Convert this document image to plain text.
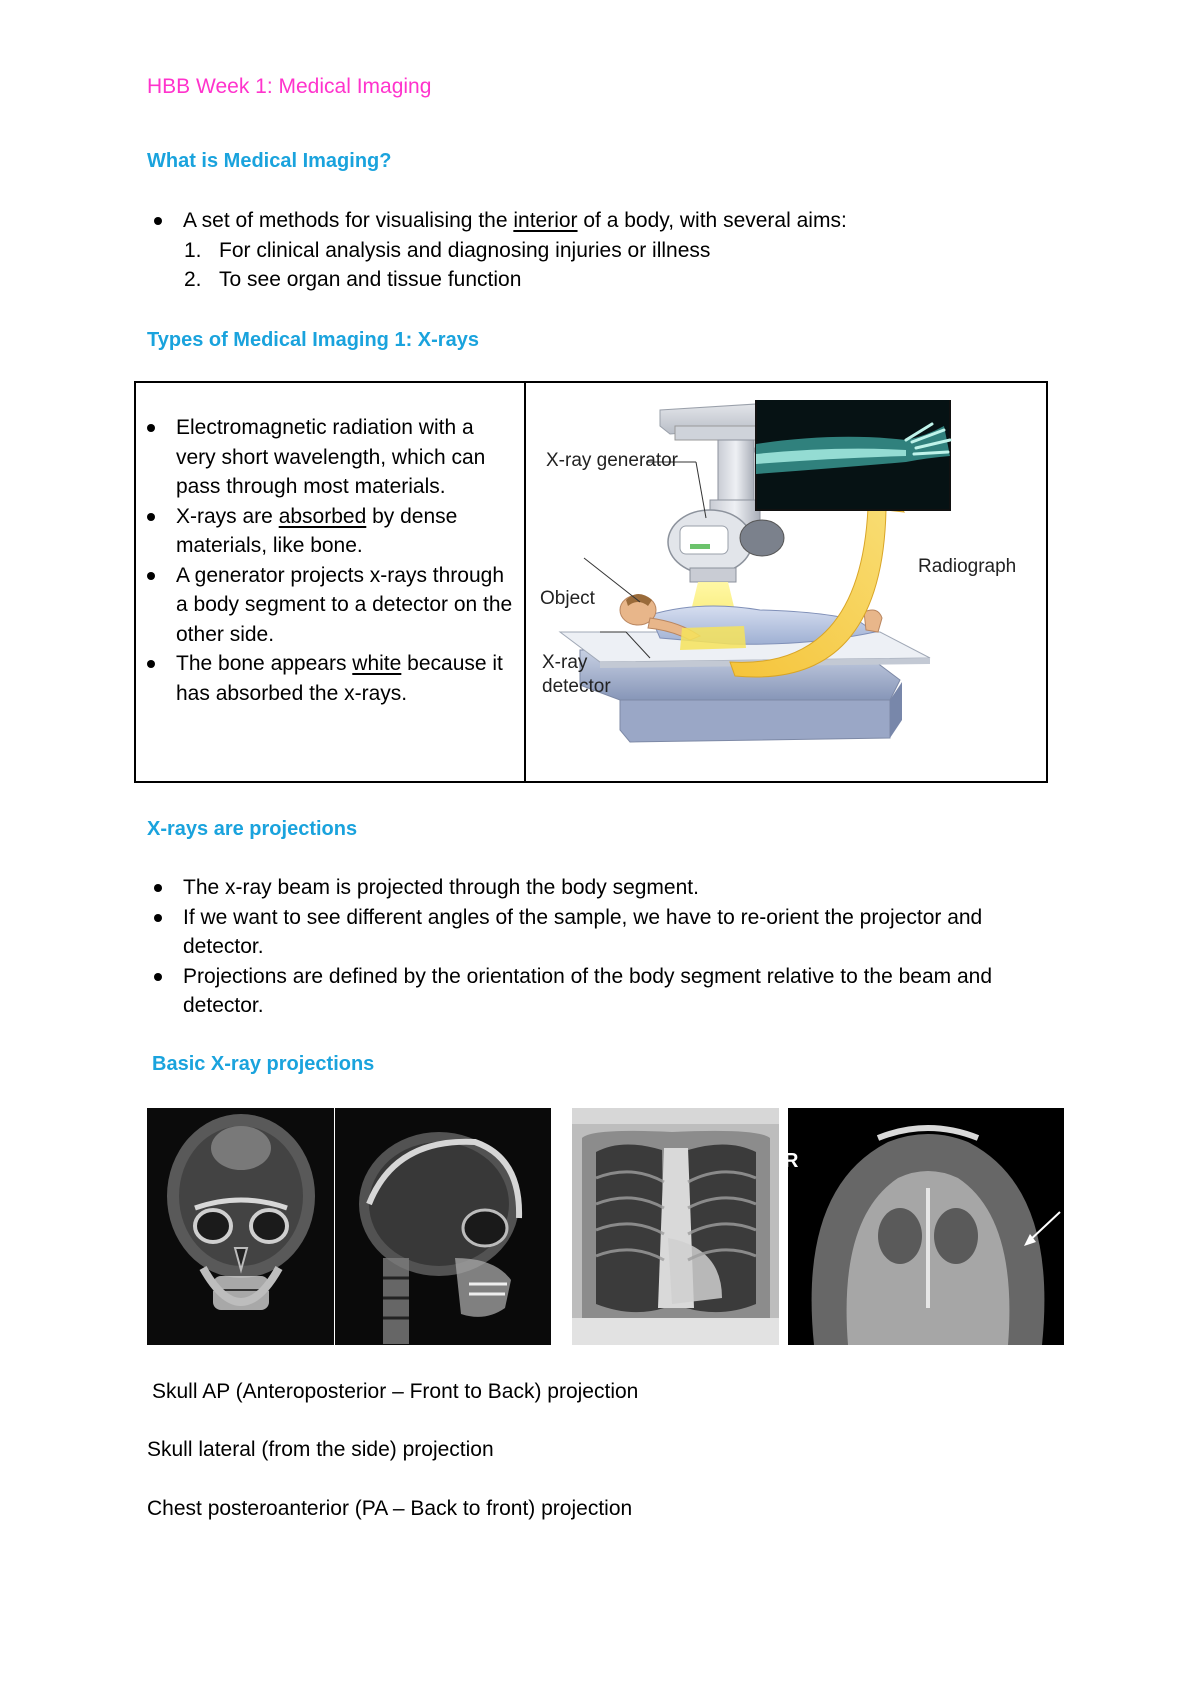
HBB Week 1: Medical Imaging
What is Medical Imaging?
A set of methods for visualising the interior of a body, with several aims:
1. For clinical analysis and diagnosing injuries or illness
2. To see organ and tissue function
Types of Medical Imaging 1: X-rays
Electromagnetic radiation with a very short wavelength, which can pass through most materials.
X-rays are absorbed by dense materials, like bone.
A generator projects x-rays through a body segment to a detector on the other side.
The bone appears white because it has absorbed the x-rays.
X-ray generator
Radiograph
Object
X-ray
detector
X-rays are projections
The x-ray beam is projected through the body segment.
If we want to see different angles of the sample, we have to re-orient the projector and detector.
Projections are defined by the orientation of the body segment relative to the beam and detector.
Basic X-ray projections
R
Skull AP (Anteroposterior – Front to Back) projection
Skull lateral (from the side) projection
Chest posteroanterior (PA – Back to front) projection
